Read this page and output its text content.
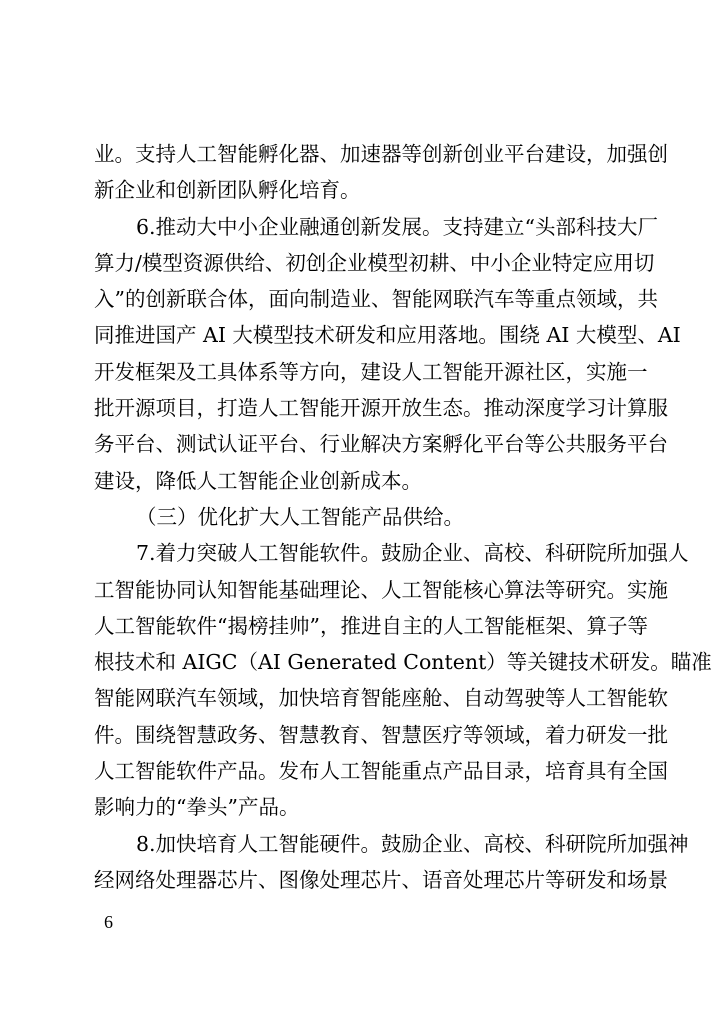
业。支持人工智能孵化器、加速器等创新创业平台建设，加强创
新企业和创新团队孵化培育。
6.推动大中小企业融通创新发展。支持建立“头部科技大厂
算力/模型资源供给、初创企业模型初耕、中小企业特定应用切
入”的创新联合体，面向制造业、智能网联汽车等重点领域，共
同推进国产 AI 大模型技术研发和应用落地。围绕 AI 大模型、AI
开发框架及工具体系等方向，建设人工智能开源社区，实施一
批开源项目，打造人工智能开源开放生态。推动深度学习计算服
务平台、测试认证平台、行业解决方案孵化平台等公共服务平台
建设，降低人工智能企业创新成本。
（三）优化扩大人工智能产品供给。
7.着力突破人工智能软件。鼓励企业、高校、科研院所加强人
工智能协同认知智能基础理论、人工智能核心算法等研究。实施
人工智能软件“揭榜挂帅”，推进自主的人工智能框架、算子等
根技术和 AIGC（AI Generated Content）等关键技术研发。瞄准
智能网联汽车领域，加快培育智能座舱、自动驾驶等人工智能软
件。围绕智慧政务、智慧教育、智慧医疗等领域，着力研发一批
人工智能软件产品。发布人工智能重点产品目录，培育具有全国
影响力的“拳头”产品。
8.加快培育人工智能硬件。鼓励企业、高校、科研院所加强神
经网络处理器芯片、图像处理芯片、语音处理芯片等研发和场景
6
